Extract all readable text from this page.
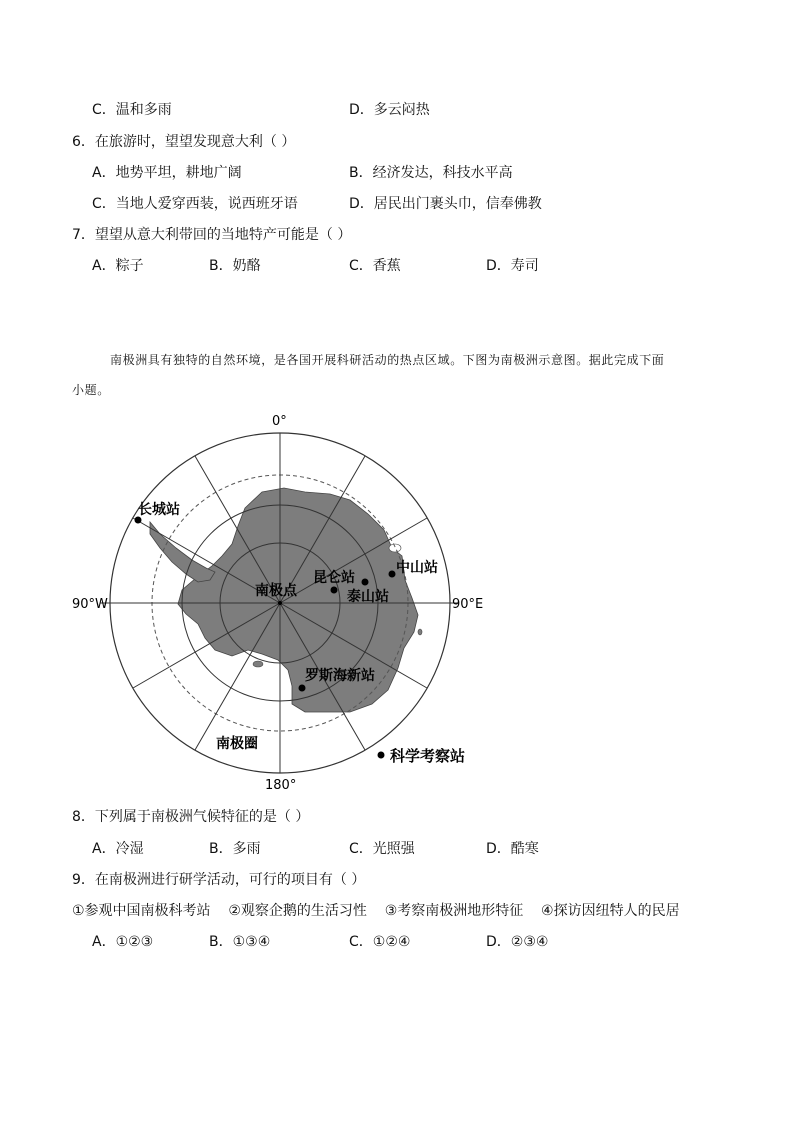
C．温和多雨	D．多云闷热
6．在旅游时，望望发现意大利（ ）
A．地势平坦，耕地广阔	B．经济发达，科技水平高
C．当地人爱穿西装，说西班牙语	D．居民出门裹头巾，信奉佛教
7．望望从意大利带回的当地特产可能是（ ）
A．粽子	B．奶酪	C．香蕉	D．寿司
南极洲具有独特的自然环境，是各国开展科研活动的热点区域。下图为南极洲示意图。据此完成下面
小题。
0°
180°
90°W	90°E
长城站
中山站
昆仑站
泰山站
南极点
罗斯海新站
南极圈
科学考察站
8．下列属于南极洲气候特征的是（ ）
A．冷湿	B．多雨	C．光照强	D．酷寒
9．在南极洲进行研学活动，可行的项目有（ ）
①参观中国南极科考站    ②观察企鹅的生活习性    ③考察南极洲地形特征    ④探访因纽特人的民居
A．①②③	B．①③④	C．①②④	D．②③④
